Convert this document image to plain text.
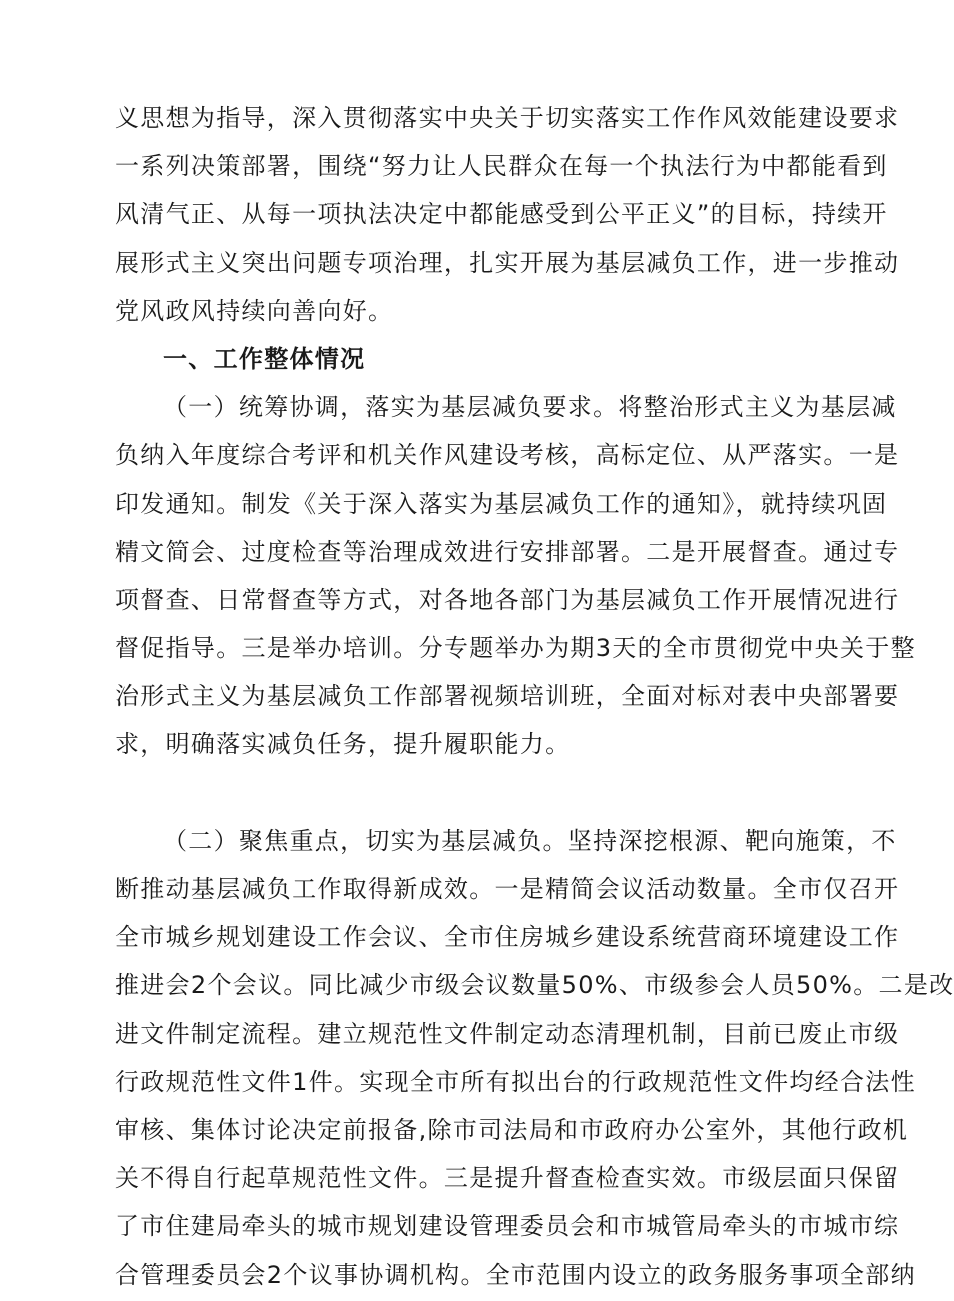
义思想为指导，深入贯彻落实中央关于切实落实工作作风效能建设要求
一系列决策部署，围绕“努力让人民群众在每一个执法行为中都能看到
风清气正、从每一项执法决定中都能感受到公平正义”的目标，持续开
展形式主义突出问题专项治理，扎实开展为基层减负工作，进一步推动
党风政风持续向善向好。
一、工作整体情况
（一）统筹协调，落实为基层减负要求。将整治形式主义为基层减
负纳入年度综合考评和机关作风建设考核，高标定位、从严落实。一是
印发通知。制发《关于深入落实为基层减负工作的通知》，就持续巩固
精文简会、过度检查等治理成效进行安排部署。二是开展督查。通过专
项督查、日常督查等方式，对各地各部门为基层减负工作开展情况进行
督促指导。三是举办培训。分专题举办为期3天的全市贯彻党中央关于整
治形式主义为基层减负工作部署视频培训班，全面对标对表中央部署要
求，明确落实减负任务，提升履职能力。
（二）聚焦重点，切实为基层减负。坚持深挖根源、靶向施策，不
断推动基层减负工作取得新成效。一是精简会议活动数量。全市仅召开
全市城乡规划建设工作会议、全市住房城乡建设系统营商环境建设工作
推进会2个会议。同比减少市级会议数量50%、市级参会人员50%。二是改
进文件制定流程。建立规范性文件制定动态清理机制，目前已废止市级
行政规范性文件1件。实现全市所有拟出台的行政规范性文件均经合法性
审核、集体讨论决定前报备,除市司法局和市政府办公室外，其他行政机
关不得自行起草规范性文件。三是提升督查检查实效。市级层面只保留
了市住建局牵头的城市规划建设管理委员会和市城管局牵头的市城市综
合管理委员会2个议事协调机构。全市范围内设立的政务服务事项全部纳
